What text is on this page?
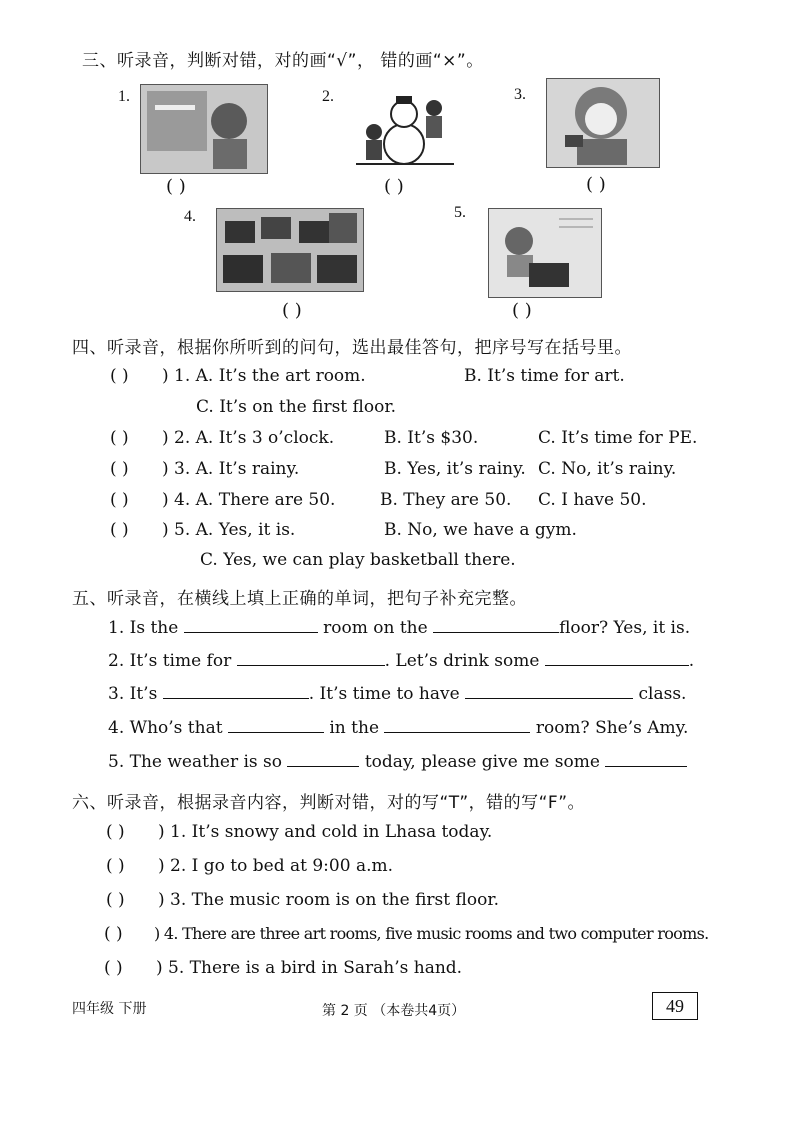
三、听录音，判断对错，对的画“√”， 错的画“×”。
1.
( )
2.
( )
3.
( )
4.
( )
5.
( )
四、听录音，根据你所听到的问句，选出最佳答句，把序号写在括号里。
( ) ) 1. A. It’s the art room.	B. It’s time for art.
C. It’s on the first floor.
( ) ) 2. A. It’s 3 o’clock.	B. It’s $30.	C. It’s time for PE.
( ) ) 3. A. It’s rainy.	B. Yes, it’s rainy. C. No, it’s rainy.
( ) ) 4. A. There are 50.	B. They are 50. C. I have 50.
( ) ) 5. A. Yes, it is.	B. No, we have a gym.
C. Yes, we can play basketball there.
五、听录音，在横线上填上正确的单词，把句子补充完整。
1. Is the	room on the	floor? Yes, it is.
2. It’s time for	. Let’s drink some	.
3. It’s	. It’s time to have	class.
4. Who’s that	in the	room? She’s Amy.
5. The weather is so	today, please give me some
六、听录音，根据录音内容，判断对错，对的写“T”，错的写“F”。
( ) ) 1. It’s snowy and cold in Lhasa today.
( ) ) 2. I go to bed at 9:00 a.m.
( ) ) 3. The music room is on the first floor.
( ) ) 4. There are three art rooms, five music rooms and two computer rooms.
( ) ) 5. There is a bird in Sarah’s hand.
四年级 下册	第 2 页 （本卷共4页）	49
